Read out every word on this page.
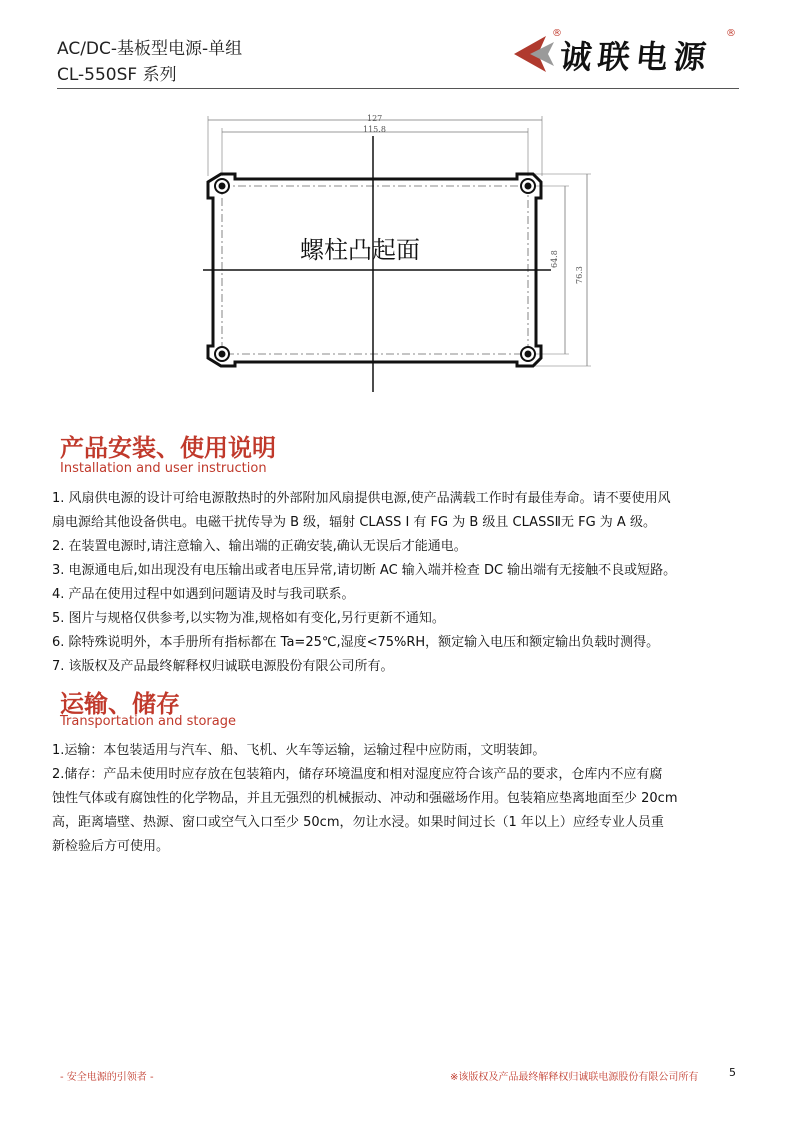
AC/DC-基板型电源-单组
CL-550SF 系列
®
诚联电源
®
127
115.8
64.8
76.3
螺柱凸起面
产品安装、使用说明
Installation and user instruction
1. 风扇供电源的设计可给电源散热时的外部附加风扇提供电源,使产品满载工作时有最佳寿命。请不要使用风
扇电源给其他设备供电。电磁干扰传导为 B 级，辐射 CLASS I 有 FG 为 B 级且 CLASSⅡ无 FG 为 A 级。
2. 在装置电源时,请注意输入、输出端的正确安装,确认无误后才能通电。
3. 电源通电后,如出现没有电压输出或者电压异常,请切断 AC 输入端并检查 DC 输出端有无接触不良或短路。
4. 产品在使用过程中如遇到问题请及时与我司联系。
5. 图片与规格仅供参考,以实物为准,规格如有变化,另行更新不通知。
6. 除特殊说明外，本手册所有指标都在 Ta=25℃,湿度<75%RH，额定输入电压和额定输出负载时测得。
7. 该版权及产品最终解释权归诚联电源股份有限公司所有。
运输、储存
Transportation and storage
1.运输：本包装适用与汽车、船、飞机、火车等运输，运输过程中应防雨，文明装卸。
2.储存：产品未使用时应存放在包装箱内，储存环境温度和相对湿度应符合该产品的要求，仓库内不应有腐
蚀性气体或有腐蚀性的化学物品，并且无强烈的机械振动、冲动和强磁场作用。包装箱应垫离地面至少 20cm
高，距离墙壁、热源、窗口或空气入口至少 50cm，勿让水浸。如果时间过长（1 年以上）应经专业人员重
新检验后方可使用。
- 安全电源的引领者 -	※该版权及产品最终解释权归诚联电源股份有限公司所有	5
